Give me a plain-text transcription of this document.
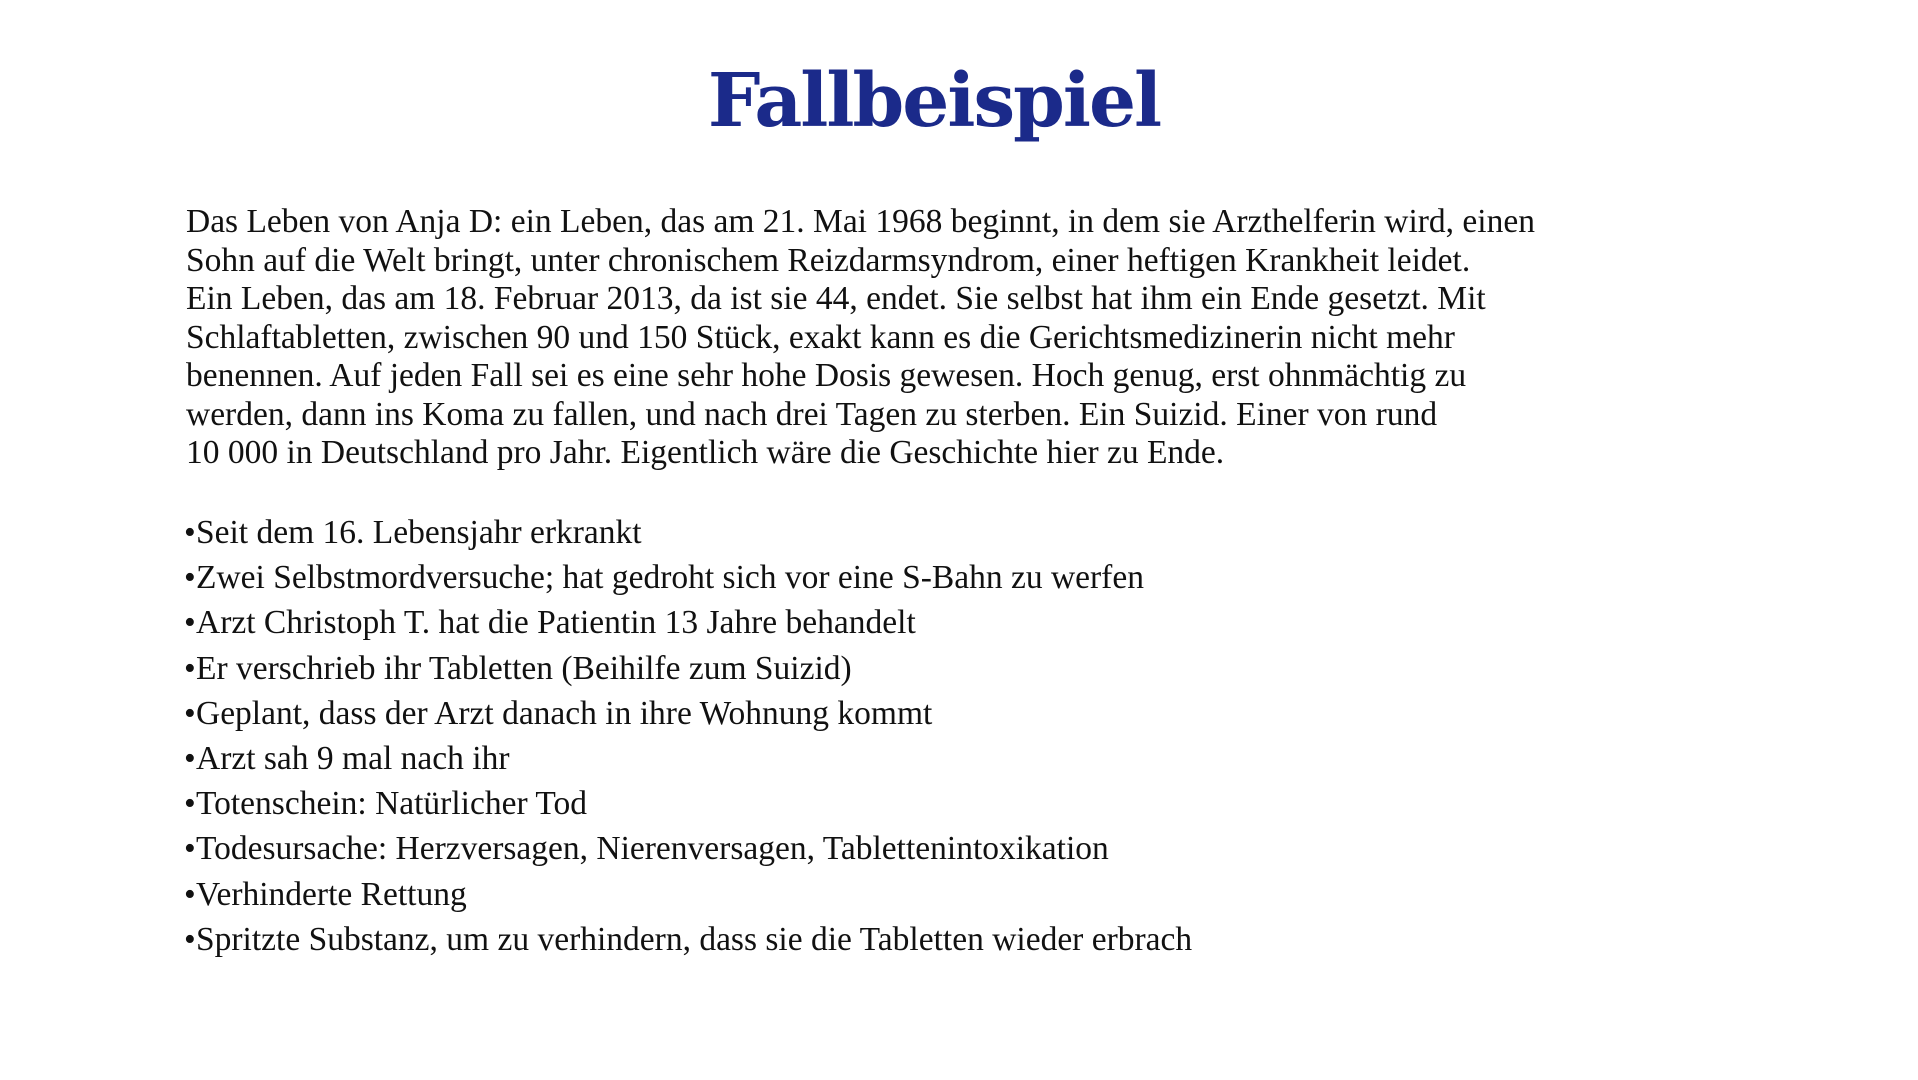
Fallbeispiel

Das Leben von Anja D: ein Leben, das am 21. Mai 1968 beginnt, in dem sie Arzthelferin wird, einen
Sohn auf die Welt bringt, unter chronischem Reizdarmsyndrom, einer heftigen Krankheit leidet.
Ein Leben, das am 18. Februar 2013, da ist sie 44, endet. Sie selbst hat ihm ein Ende gesetzt. Mit
Schlaftabletten, zwischen 90 und 150 Stück, exakt kann es die Gerichtsmedizinerin nicht mehr
benennen. Auf jeden Fall sei es eine sehr hohe Dosis gewesen. Hoch genug, erst ohnmächtig zu
werden, dann ins Koma zu fallen, und nach drei Tagen zu sterben. Ein Suizid. Einer von rund
10 000 in Deutschland pro Jahr. Eigentlich wäre die Geschichte hier zu Ende.

•Seit dem 16. Lebensjahr erkrankt
•Zwei Selbstmordversuche; hat gedroht sich vor eine S-Bahn zu werfen
•Arzt Christoph T. hat die Patientin 13 Jahre behandelt
•Er verschrieb ihr Tabletten (Beihilfe zum Suizid)
•Geplant, dass der Arzt danach in ihre Wohnung kommt
•Arzt sah 9 mal nach ihr
•Totenschein: Natürlicher Tod
•Todesursache: Herzversagen, Nierenversagen, Tablettenintoxikation
•Verhinderte Rettung
•Spritzte Substanz, um zu verhindern, dass sie die Tabletten wieder erbrach
